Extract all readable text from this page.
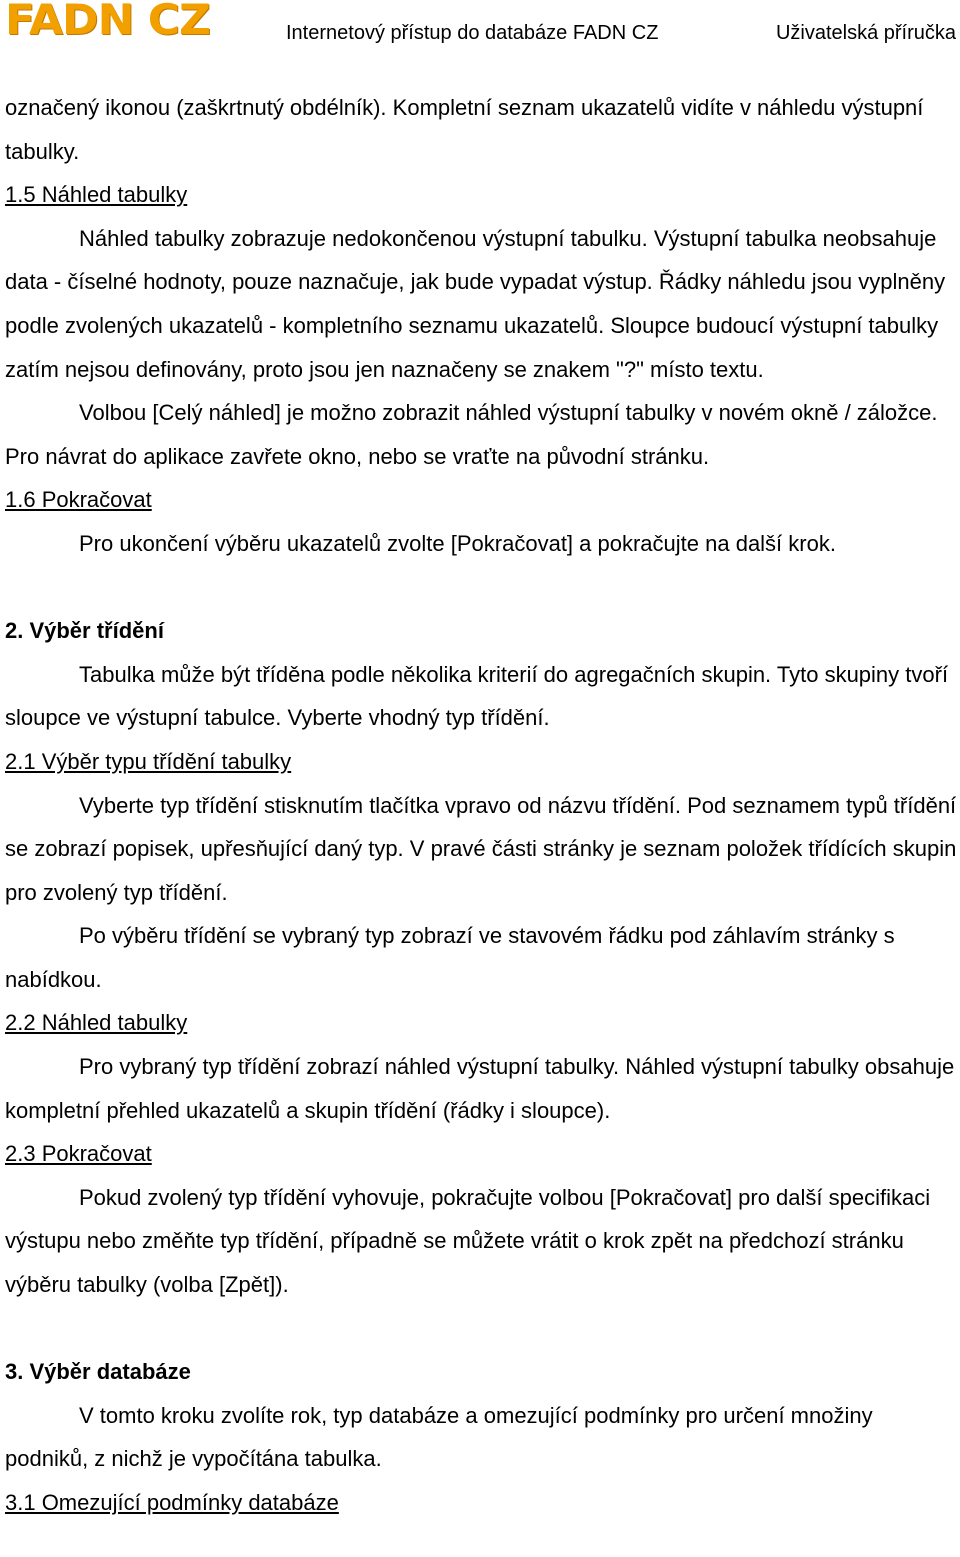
FADN CZ	Internetový přístup do databáze FADN CZ	Uživatelská příručka

označený ikonou (zaškrtnutý obdélník). Kompletní seznam ukazatelů vidíte v náhledu výstupní tabulky.

1.5 Náhled tabulky

Náhled tabulky zobrazuje nedokončenou výstupní tabulku. Výstupní tabulka neobsahuje data - číselné hodnoty, pouze naznačuje, jak bude vypadat výstup. Řádky náhledu jsou vyplněny podle zvolených ukazatelů - kompletního seznamu ukazatelů. Sloupce budoucí výstupní tabulky zatím nejsou definovány, proto jsou jen naznačeny se znakem "?" místo textu.

Volbou [Celý náhled] je možno zobrazit náhled výstupní tabulky v novém okně / záložce. Pro návrat do aplikace zavřete okno, nebo se vraťte na původní stránku.

1.6 Pokračovat

Pro ukončení výběru ukazatelů zvolte [Pokračovat] a pokračujte na další krok.

2. Výběr třídění

Tabulka může být tříděna podle několika kriterií do agregačních skupin. Tyto skupiny tvoří sloupce ve výstupní tabulce. Vyberte vhodný typ třídění.

2.1 Výběr typu třídění tabulky

Vyberte typ třídění stisknutím tlačítka vpravo od názvu třídění. Pod seznamem typů třídění se zobrazí popisek, upřesňující daný typ. V pravé části stránky je seznam položek třídících skupin pro zvolený typ třídění.

Po výběru třídění se vybraný typ zobrazí ve stavovém řádku pod záhlavím stránky s nabídkou.

2.2 Náhled tabulky

Pro vybraný typ třídění zobrazí náhled výstupní tabulky. Náhled výstupní tabulky obsahuje kompletní přehled ukazatelů a skupin třídění (řádky i sloupce).

2.3 Pokračovat

Pokud zvolený typ třídění vyhovuje, pokračujte volbou [Pokračovat] pro další specifikaci výstupu nebo změňte typ třídění, případně se můžete vrátit o krok zpět na předchozí stránku výběru tabulky (volba [Zpět]).

3. Výběr databáze

V tomto kroku zvolíte rok, typ databáze a omezující podmínky pro určení množiny podniků, z nichž je vypočítána tabulka.

3.1 Omezující podmínky databáze
